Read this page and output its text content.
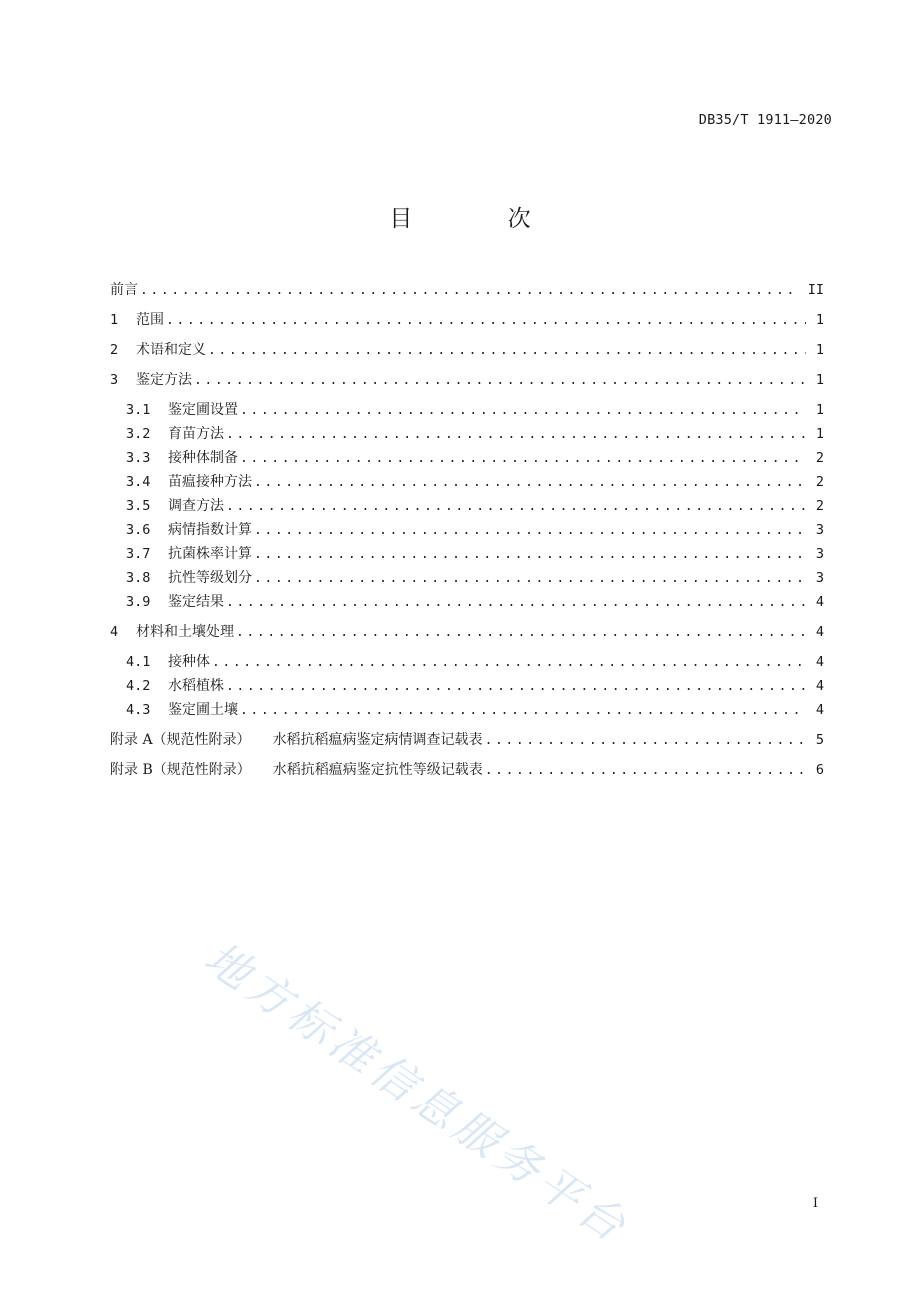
DB35/T 1911—2020
目 次
前言 .....	II
1	范围 .....	1
2	术语和定义 .....	1
3	鉴定方法 .....	1
3.1	鉴定圃设置 .....	1
3.2	育苗方法 .....	1
3.3	接种体制备 .....	2
3.4	苗瘟接种方法 .....	2
3.5	调查方法 .....	2
3.6	病情指数计算 .....	3
3.7	抗菌株率计算 .....	3
3.8	抗性等级划分 .....	3
3.9	鉴定结果 .....	4
4	材料和土壤处理 .....	4
4.1	接种体 .....	4
4.2	水稻植株 .....	4
4.3	鉴定圃土壤 .....	4
附录 A（规范性附录） 水稻抗稻瘟病鉴定病情调查记载表 .....	5
附录 B（规范性附录） 水稻抗稻瘟病鉴定抗性等级记载表 .....	6
地方标准信息服务平台	I
